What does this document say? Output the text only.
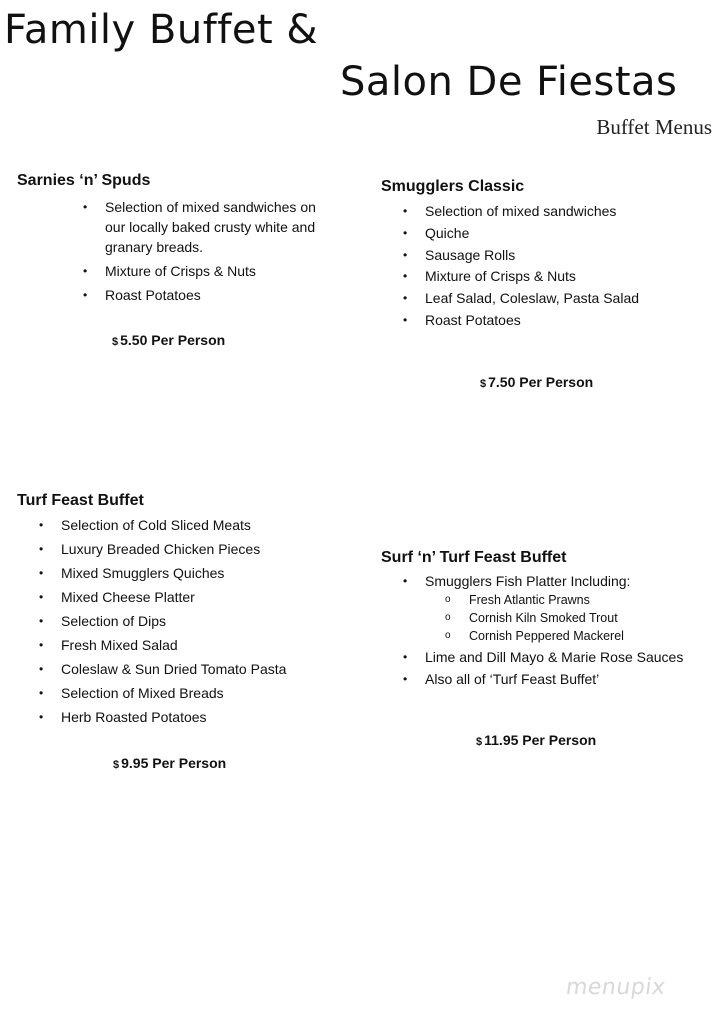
Family Buffet &
Salon De Fiestas
Buffet Menus
Sarnies ‘n’ Spuds
• Selection of mixed sandwiches on our locally baked crusty white and granary breads.
• Mixture of Crisps & Nuts
• Roast Potatoes
$ 5.50 Per Person
Smugglers Classic
• Selection of mixed sandwiches
• Quiche
• Sausage Rolls
• Mixture of Crisps & Nuts
• Leaf Salad, Coleslaw, Pasta Salad
• Roast Potatoes
$ 7.50 Per Person
Turf Feast Buffet
• Selection of Cold Sliced Meats
• Luxury Breaded Chicken Pieces
• Mixed Smugglers Quiches
• Mixed Cheese Platter
• Selection of Dips
• Fresh Mixed Salad
• Coleslaw & Sun Dried Tomato Pasta
• Selection of Mixed Breads
• Herb Roasted Potatoes
$ 9.95 Per Person
Surf ‘n’ Turf Feast Buffet
• Smugglers Fish Platter Including:
o Fresh Atlantic Prawns
o Cornish Kiln Smoked Trout
o Cornish Peppered Mackerel
• Lime and Dill Mayo & Marie Rose Sauces
• Also all of ‘Turf Feast Buffet’
$ 11.95 Per Person
menupix
